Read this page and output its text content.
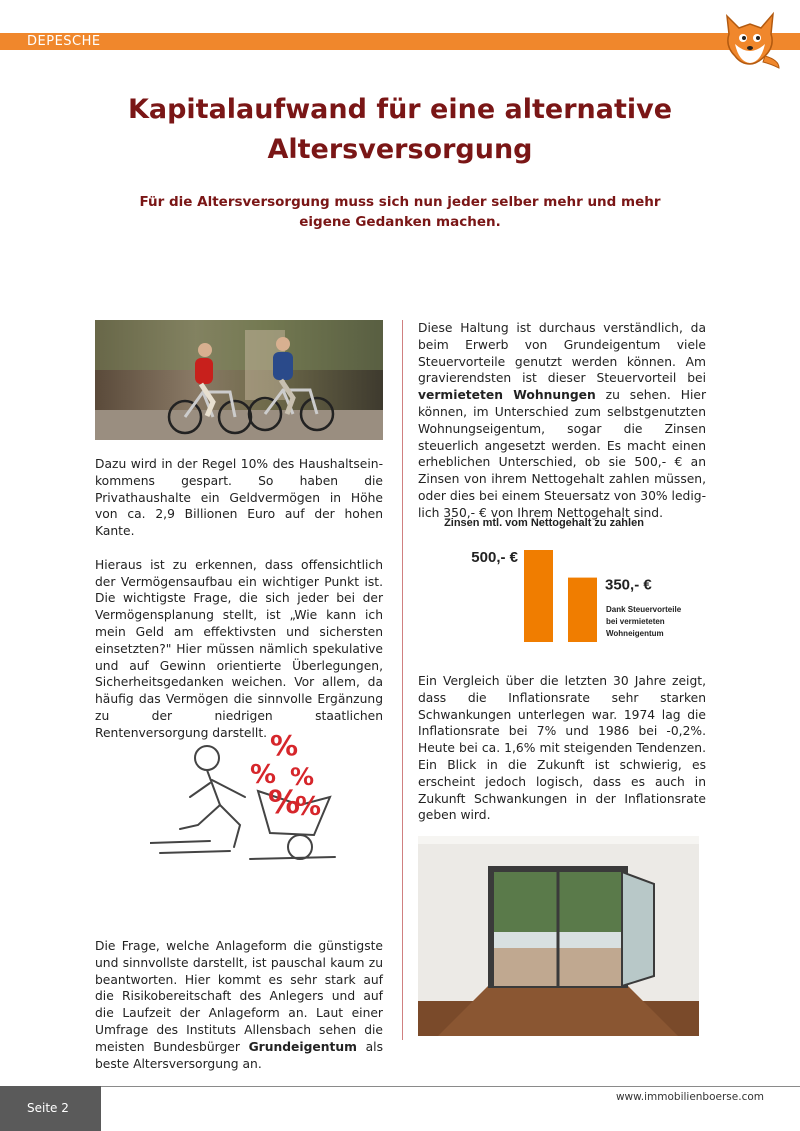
DEPESCHE
Kapitalaufwand für eine alternative
Altersversorgung

Für die Altersversorgung muss sich nun jeder selber mehr und mehr
eigene Gedanken machen.

Dazu wird in der Regel 10% des Haushaltseinkommens gespart. So haben die Privathaushalte ein Geldvermögen in Höhe von ca. 2,9 Billionen Euro auf der hohen Kante.

Hieraus ist zu erkennen, dass offensichtlich der Vermögensaufbau ein wichtiger Punkt ist. Die wichtigste Frage, die sich jeder bei der Vermögensplanung stellt, ist „Wie kann ich mein Geld am effektivsten und sichersten einsetzten?" Hier müssen nämlich spekulative und auf Gewinn orientierte Überlegungen, Sicherheitsgedanken weichen. Vor allem, da häufig das Vermögen die sinnvolle Ergänzung zu der niedrigen staatlichen Rentenversorgung darstellt. %
% %
%
%

Die Frage, welche Anlageform die günstigste und sinnvollste darstellt, ist pauschal kaum zu beantworten. Hier kommt es sehr stark auf die Risikobereitschaft des Anlegers und auf die Laufzeit der Anlageform an. Laut einer Umfrage des Instituts Allensbach sehen die meisten Bundesbürger Grundeigentum als beste Altersversorgung an.

Diese Haltung ist durchaus verständlich, da beim Erwerb von Grundeigentum viele Steuervorteile genutzt werden können. Am gravierendsten ist dieser Steuervorteil bei vermieteten Wohnungen zu sehen. Hier können, im Unterschied zum selbstgenutzten Wohnungseigentum, sogar die Zinsen steuerlich angesetzt werden. Es macht einen erheblichen Unterschied, ob sie 500,- € an Zinsen von ihrem Nettogehalt zahlen müssen, oder dies bei einem Steuersatz von 30% lediglich 350,- € von Ihrem Nettogehalt sind.

Zinsen mtl. vom Nettogehalt zu zahlen
500,- €
350,- €
Dank Steuervorteile
bei vermieteten
Wohneigentum

Ein Vergleich über die letzten 30 Jahre zeigt, dass die Inflationsrate sehr starken Schwankungen unterlegen war. 1974 lag die Inflationsrate bei 7% und 1986 bei -0,2%. Heute bei ca. 1,6% mit steigenden Tendenzen. Ein Blick in die Zukunft ist schwierig, es erscheint jedoch logisch, dass es auch in Zukunft Schwankungen in der Inflationsrate geben wird.

Seite 2
www.immobilienboerse.com
